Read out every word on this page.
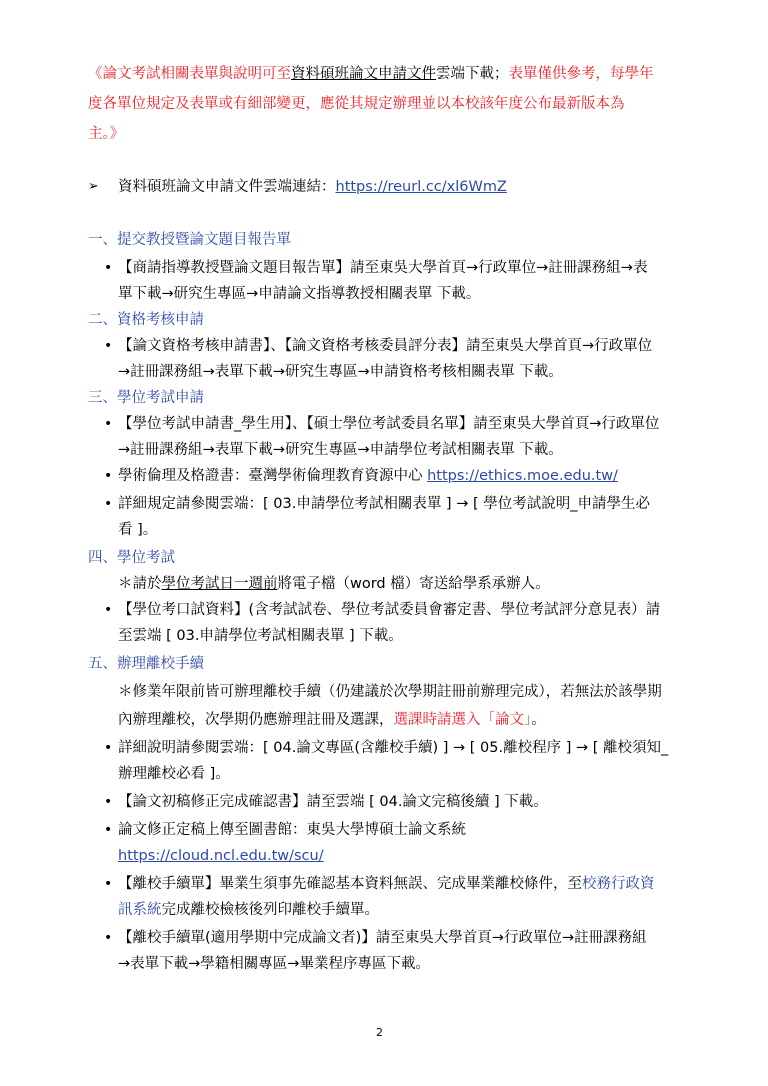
《論文考試相關表單與說明可至資料碩班論文申請文件雲端下載；表單僅供參考，每學年
度各單位規定及表單或有細部變更，應從其規定辦理並以本校該年度公布最新版本為
主。》
➢ 資料碩班論文申請文件雲端連結：https://reurl.cc/xl6WmZ
一、提交教授暨論文題目報告單
• 【商請指導教授暨論文題目報告單】請至東吳大學首頁→行政單位→註冊課務組→表
單下載→研究生專區→申請論文指導教授相關表單 下載。
二、資格考核申請
• 【論文資格考核申請書】、【論文資格考核委員評分表】請至東吳大學首頁→行政單位
→註冊課務組→表單下載→研究生專區→申請資格考核相關表單 下載。
三、學位考試申請
• 【學位考試申請書_學生用】、【碩士學位考試委員名單】請至東吳大學首頁→行政單位
→註冊課務組→表單下載→研究生專區→申請學位考試相關表單 下載。
• 學術倫理及格證書：臺灣學術倫理教育資源中心 https://ethics.moe.edu.tw/
• 詳細規定請參閱雲端：[ 03.申請學位考試相關表單 ] → [ 學位考試說明_申請學生必
看 ]。
四、學位考試
＊請於學位考試日一週前將電子檔（word 檔）寄送給學系承辦人。
• 【學位考口試資料】(含考試試卷、學位考試委員會審定書、學位考試評分意見表）請
至雲端 [ 03.申請學位考試相關表單 ] 下載。
五、辦理離校手續
＊修業年限前皆可辦理離校手續（仍建議於次學期註冊前辦理完成），若無法於該學期
內辦理離校，次學期仍應辦理註冊及選課，選課時請選入「論文」。
• 詳細說明請參閱雲端：[ 04.論文專區(含離校手續) ] → [ 05.離校程序 ] → [ 離校須知_
辦理離校必看 ]。
• 【論文初稿修正完成確認書】請至雲端 [ 04.論文完稿後續 ] 下載。
• 論文修正定稿上傳至圖書館：東吳大學博碩士論文系統
https://cloud.ncl.edu.tw/scu/
• 【離校手續單】畢業生須事先確認基本資料無誤、完成畢業離校條件，至校務行政資
訊系統完成離校檢核後列印離校手續單。
• 【離校手續單(適用學期中完成論文者)】請至東吳大學首頁→行政單位→註冊課務組
→表單下載→學籍相關專區→畢業程序專區下載。
2
